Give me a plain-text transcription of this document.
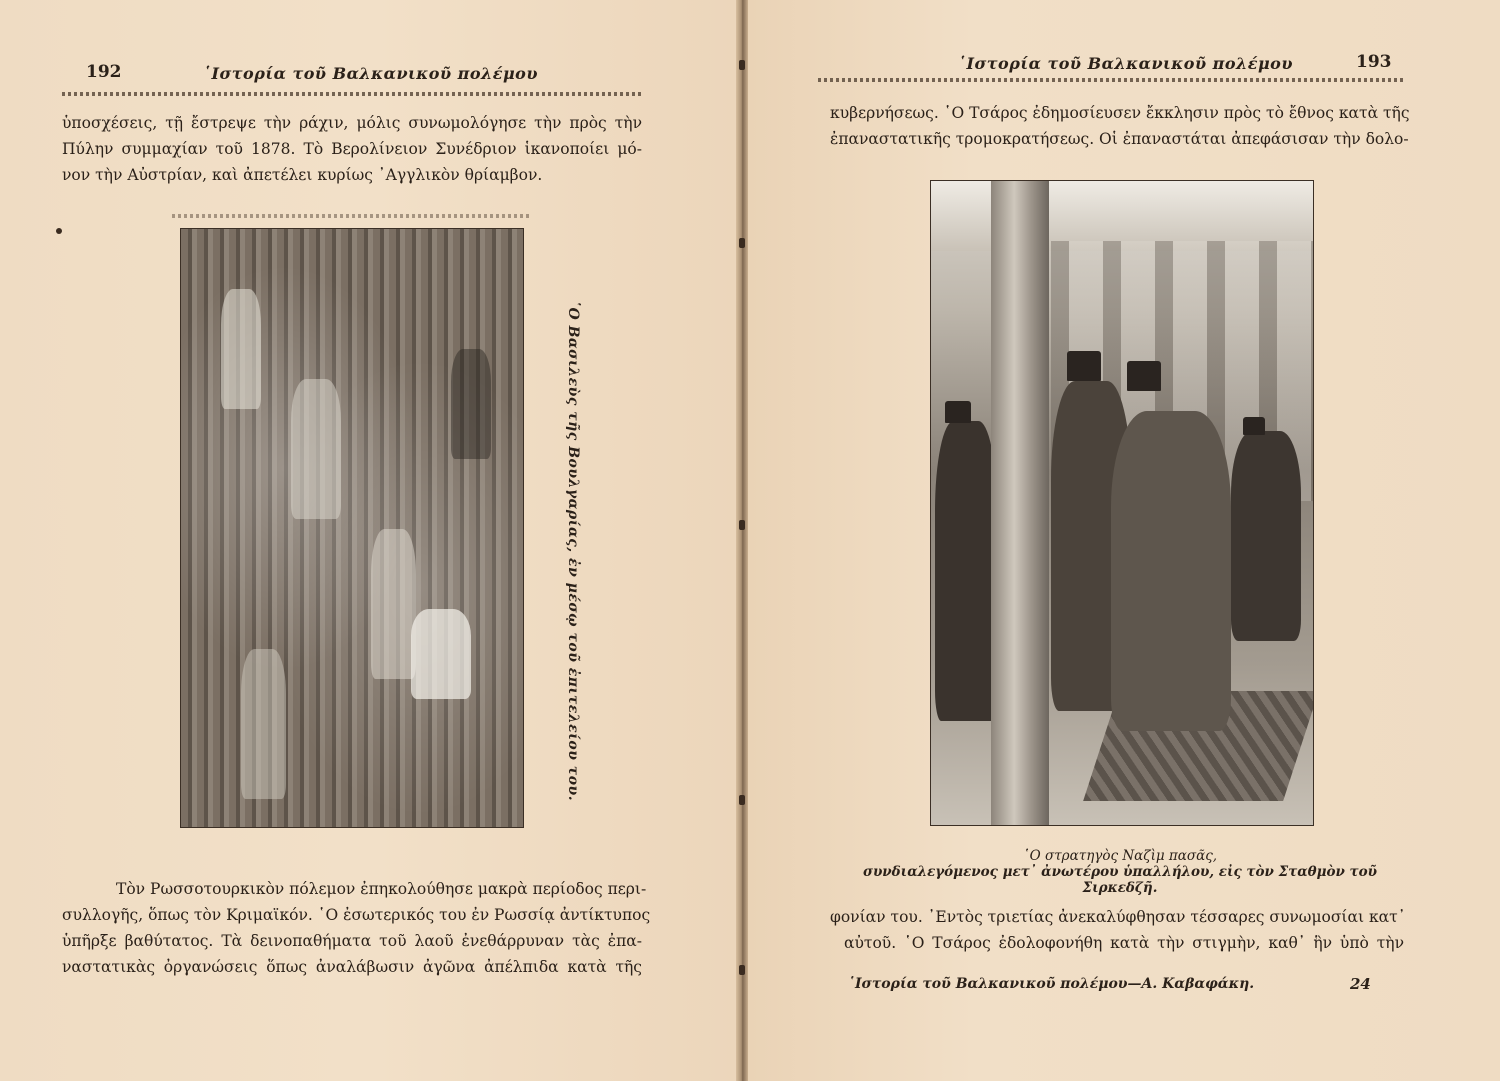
192	῾Ιστορία τοῦ Βαλκανικοῦ πολέμου
ὑποσχέσεις, τῇ ἔστρεψε τὴν ράχιν, μόλις συνωμολόγησε τὴν πρὸς τὴν
Πύλην συμμαχίαν τοῦ 1878. Τὸ Βερολίνειον Συνέδριον ἱκανοποίει μό-
νον τὴν Αὐστρίαν, καὶ ἀπετέλει κυρίως ᾿Αγγλικὸν θρίαμβον.
῾Ο Βασιλεὺς τῆς Βουλγαρίας, ἐν μέσῳ τοῦ ἐπιτελείου του.
Τὸν Ρωσσοτουρκικὸν πόλεμον ἐπηκολούθησε μακρὰ περίοδος περι-
συλλογῆς, ὅπως τὸν Κριμαϊκόν. ῾Ο ἐσωτερικός του ἐν Ρωσσίᾳ ἀντίκτυπος
ὑπῆρξε βαθύτατος. Τὰ δεινοπαθήματα τοῦ λαοῦ ἐνεθάρρυναν τὰς ἐπα-
ναστατικὰς ὀργανώσεις ὅπως ἀναλάβωσιν ἀγῶνα ἀπέλπιδα κατὰ τῆς
῾Ιστορία τοῦ Βαλκανικοῦ πολέμου	193
κυβερνήσεως. ῾Ο Τσάρος ἐδημοσίευσεν ἔκκλησιν πρὸς τὸ ἔθνος κατὰ τῆς
ἐπαναστατικῆς τρομοκρατήσεως. Οἱ ἐπαναστάται ἀπεφάσισαν τὴν δολο-
῾Ο στρατηγὸς Ναζὶμ πασᾶς,
συνδιαλεγόμενος μετ᾿ ἀνωτέρου ὑπαλλήλου, εἰς τὸν Σταθμὸν τοῦ Σιρκεδζῆ.
φονίαν του. ᾿Εντὸς τριετίας ἀνεκαλύφθησαν τέσσαρες συνωμοσίαι κατ᾿
αὐτοῦ. ῾Ο Τσάρος ἐδολοφονήθη κατὰ τὴν στιγμὴν, καθ᾿ ἣν ὑπὸ τὴν
῾Ιστορία τοῦ Βαλκανικοῦ πολέμου—Α. Καβαφάκη.	24
